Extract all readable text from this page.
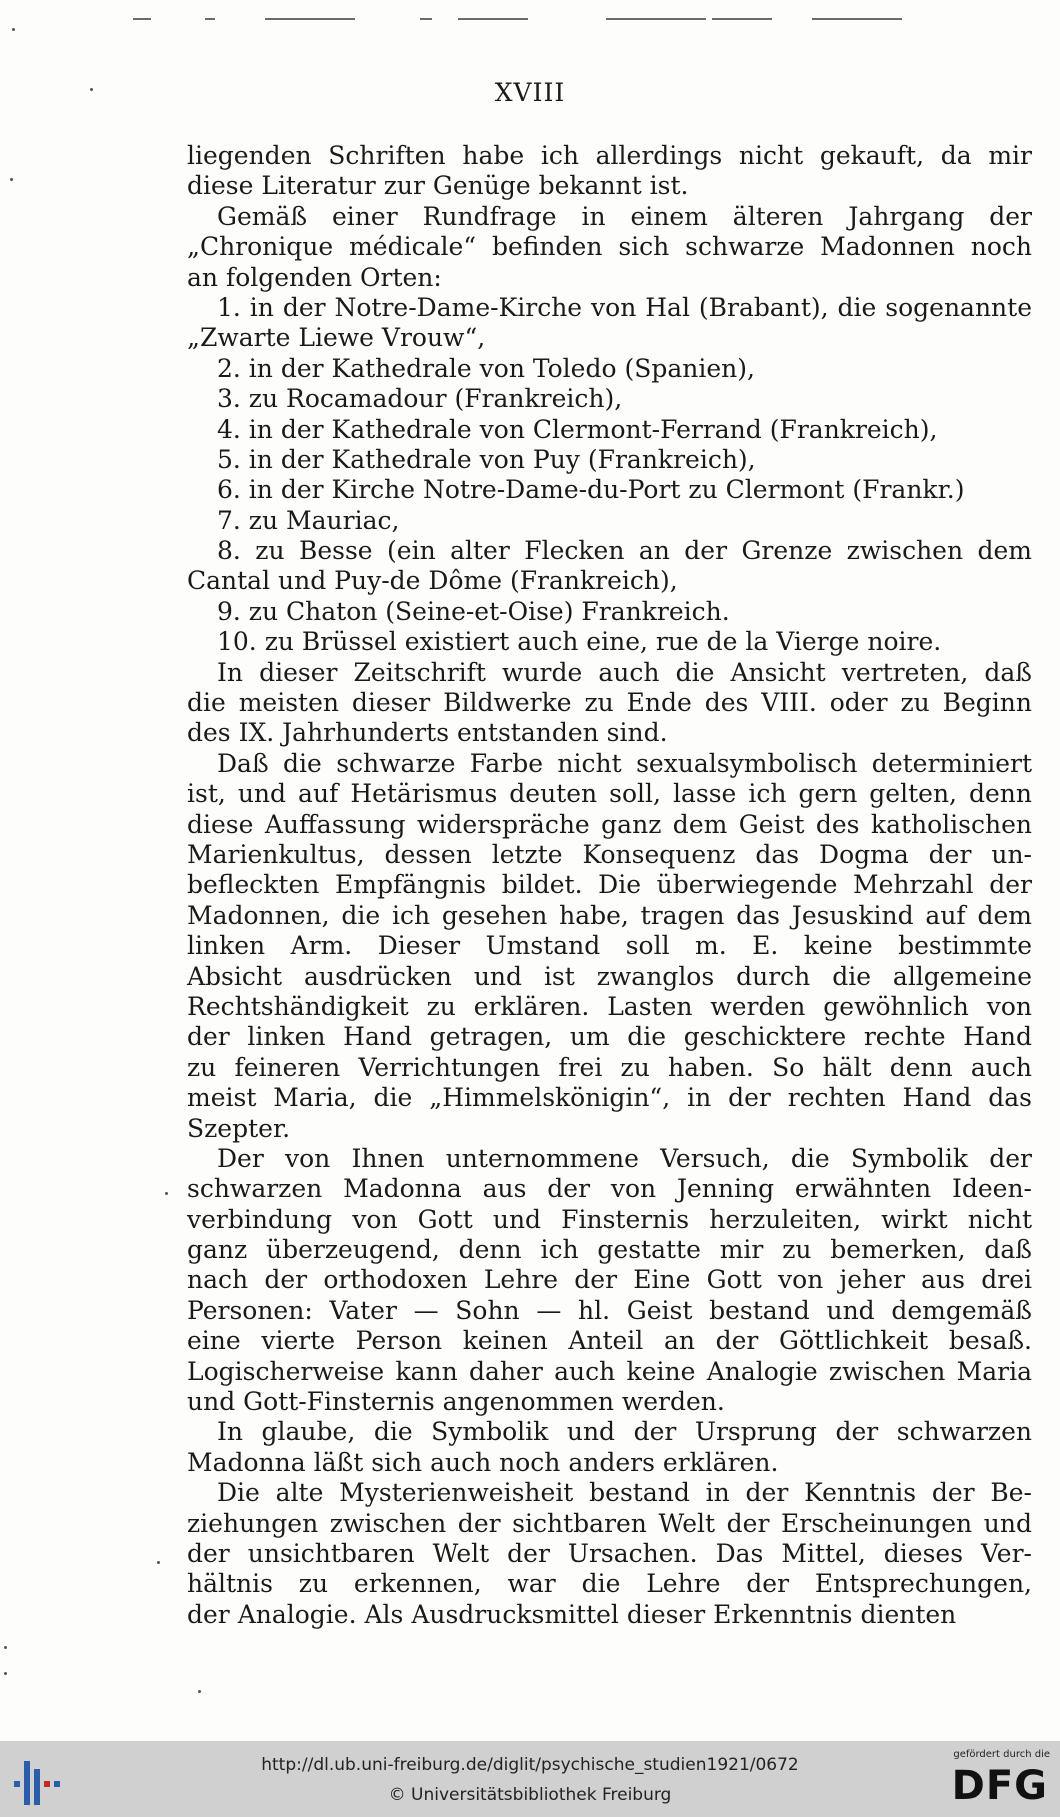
XVIII
liegenden Schriften habe ich allerdings nicht gekauft, da mir
diese Literatur zur Genüge bekannt ist.
Gemäß einer Rundfrage in einem älteren Jahrgang der
„Chronique médicale“ befinden sich schwarze Madonnen noch
an folgenden Orten:
1. in der Notre-Dame-Kirche von Hal (Brabant), die sogenannte
„Zwarte Liewe Vrouw“,
2. in der Kathedrale von Toledo (Spanien),
3. zu Rocamadour (Frankreich),
4. in der Kathedrale von Clermont-Ferrand (Frankreich),
5. in der Kathedrale von Puy (Frankreich),
6. in der Kirche Notre-Dame-du-Port zu Clermont (Frankr.)
7. zu Mauriac,
8. zu Besse (ein alter Flecken an der Grenze zwischen dem
Cantal und Puy-de Dôme (Frankreich),
9. zu Chaton (Seine-et-Oise) Frankreich.
10. zu Brüssel existiert auch eine, rue de la Vierge noire.
In dieser Zeitschrift wurde auch die Ansicht vertreten, daß
die meisten dieser Bildwerke zu Ende des VIII. oder zu Beginn
des IX. Jahrhunderts entstanden sind.
Daß die schwarze Farbe nicht sexualsymbolisch determiniert
ist, und auf Hetärismus deuten soll, lasse ich gern gelten, denn
diese Auffassung widerspräche ganz dem Geist des katholischen
Marienkultus, dessen letzte Konsequenz das Dogma der un-
befleckten Empfängnis bildet. Die überwiegende Mehrzahl der
Madonnen, die ich gesehen habe, tragen das Jesuskind auf dem
linken Arm. Dieser Umstand soll m. E. keine bestimmte
Absicht ausdrücken und ist zwanglos durch die allgemeine
Rechtshändigkeit zu erklären. Lasten werden gewöhnlich von
der linken Hand getragen, um die geschicktere rechte Hand
zu feineren Verrichtungen frei zu haben. So hält denn auch
meist Maria, die „Himmelskönigin“, in der rechten Hand das
Szepter.
Der von Ihnen unternommene Versuch, die Symbolik der
schwarzen Madonna aus der von Jenning erwähnten Ideen-
verbindung von Gott und Finsternis herzuleiten, wirkt nicht
ganz überzeugend, denn ich gestatte mir zu bemerken, daß
nach der orthodoxen Lehre der Eine Gott von jeher aus drei
Personen: Vater — Sohn — hl. Geist bestand und demgemäß
eine vierte Person keinen Anteil an der Göttlichkeit besaß.
Logischerweise kann daher auch keine Analogie zwischen Maria
und Gott-Finsternis angenommen werden.
In glaube, die Symbolik und der Ursprung der schwarzen
Madonna läßt sich auch noch anders erklären.
Die alte Mysterienweisheit bestand in der Kenntnis der Be-
ziehungen zwischen der sichtbaren Welt der Erscheinungen und
der unsichtbaren Welt der Ursachen. Das Mittel, dieses Ver-
hältnis zu erkennen, war die Lehre der Entsprechungen,
der Analogie. Als Ausdrucksmittel dieser Erkenntnis dienten
http://dl.ub.uni-freiburg.de/diglit/psychische_studien1921/0672
© Universitätsbibliothek Freiburg
gefördert durch die
DFG
